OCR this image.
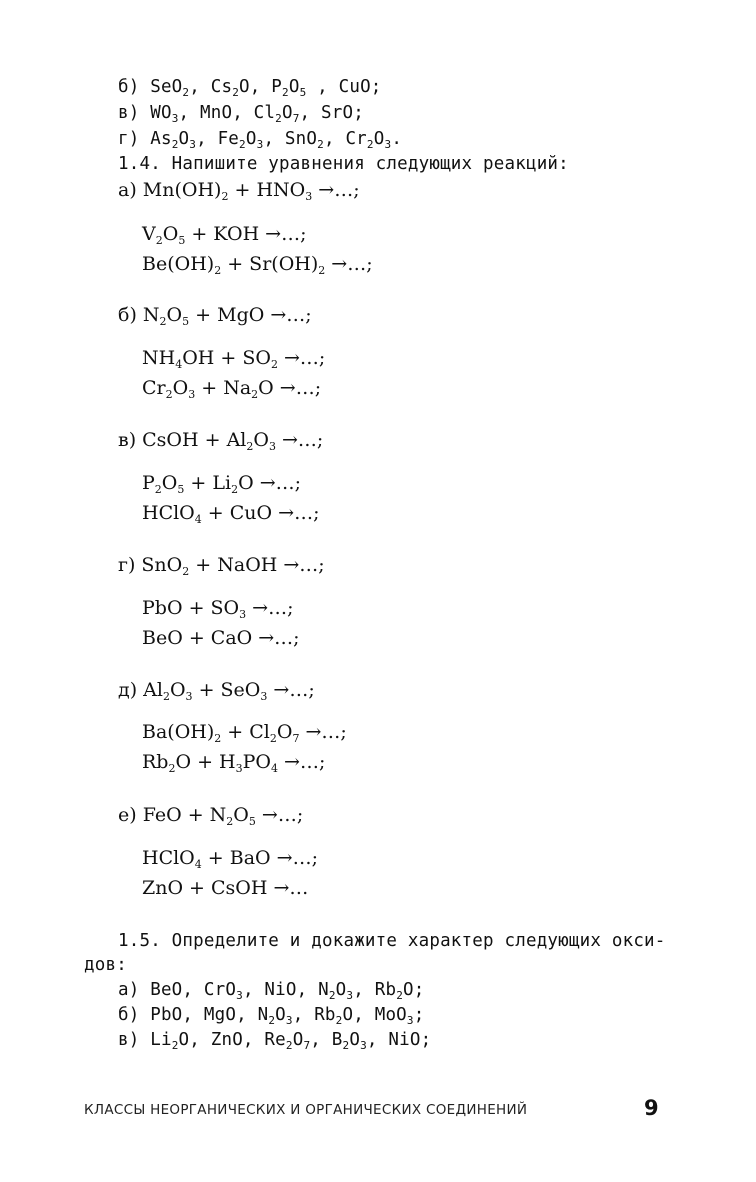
б) SeO$_2$, $Cs_2O$, $P_2O_5$ , CuO;
в) $WO_3$, MnO, $Cl_2O_7$, SrO;
г) $As_2O_3$, $Fe_2O_3$, SnO$_2$, $Cr_2O_3$.
1.4. Напишите уравнения следующих реакций:
а) $Mn(OH)_2 + HNO_3$ →…;
$V_2O_5$ + KOH →…;
$Be(OH)_2 + Sr(OH)_2$ →…;
б) $N_2O_5$ + MgO →…;
$NH_4OH + SO_2$ →…;
$Cr_2O_3 + Na_2O$ →…;
в) CsOH + $Al_2O_3$ →…;
$P_2O_5 + Li_2O$ →…;
HClO$_4$ + CuO →…;
г) SnO$_2$ + NaOH →…;
PbO + $SO_3$ →…;
BeO + CaO →…;
д) $Al_2O_3 + SeO_3$ →…;
$Ba(OH)_2 + Cl_2O_7$ →…;
$Rb_2O + H_3PO_4$ →…;
е) FeO + $N_2O_5$ →…;
HClO$_4$ + BaO →…;
ZnO + CsOH →…
1.5. Определите и докажите характер следующих окси-
дов:
а) BeO, CrO$_3$, NiO, $N_2O_3$, $Rb_2O$;
б) PbO, MgO, $N_2O_3$, $Rb_2O$, MoO$_3$;
в) $Li_2O$, ZnO, $Re_2O_7$, $B_2O_3$, NiO;
КЛАССЫ НЕОРГАНИЧЕСКИХ И ОРГАНИЧЕСКИХ СОЕДИНЕНИЙ	9
